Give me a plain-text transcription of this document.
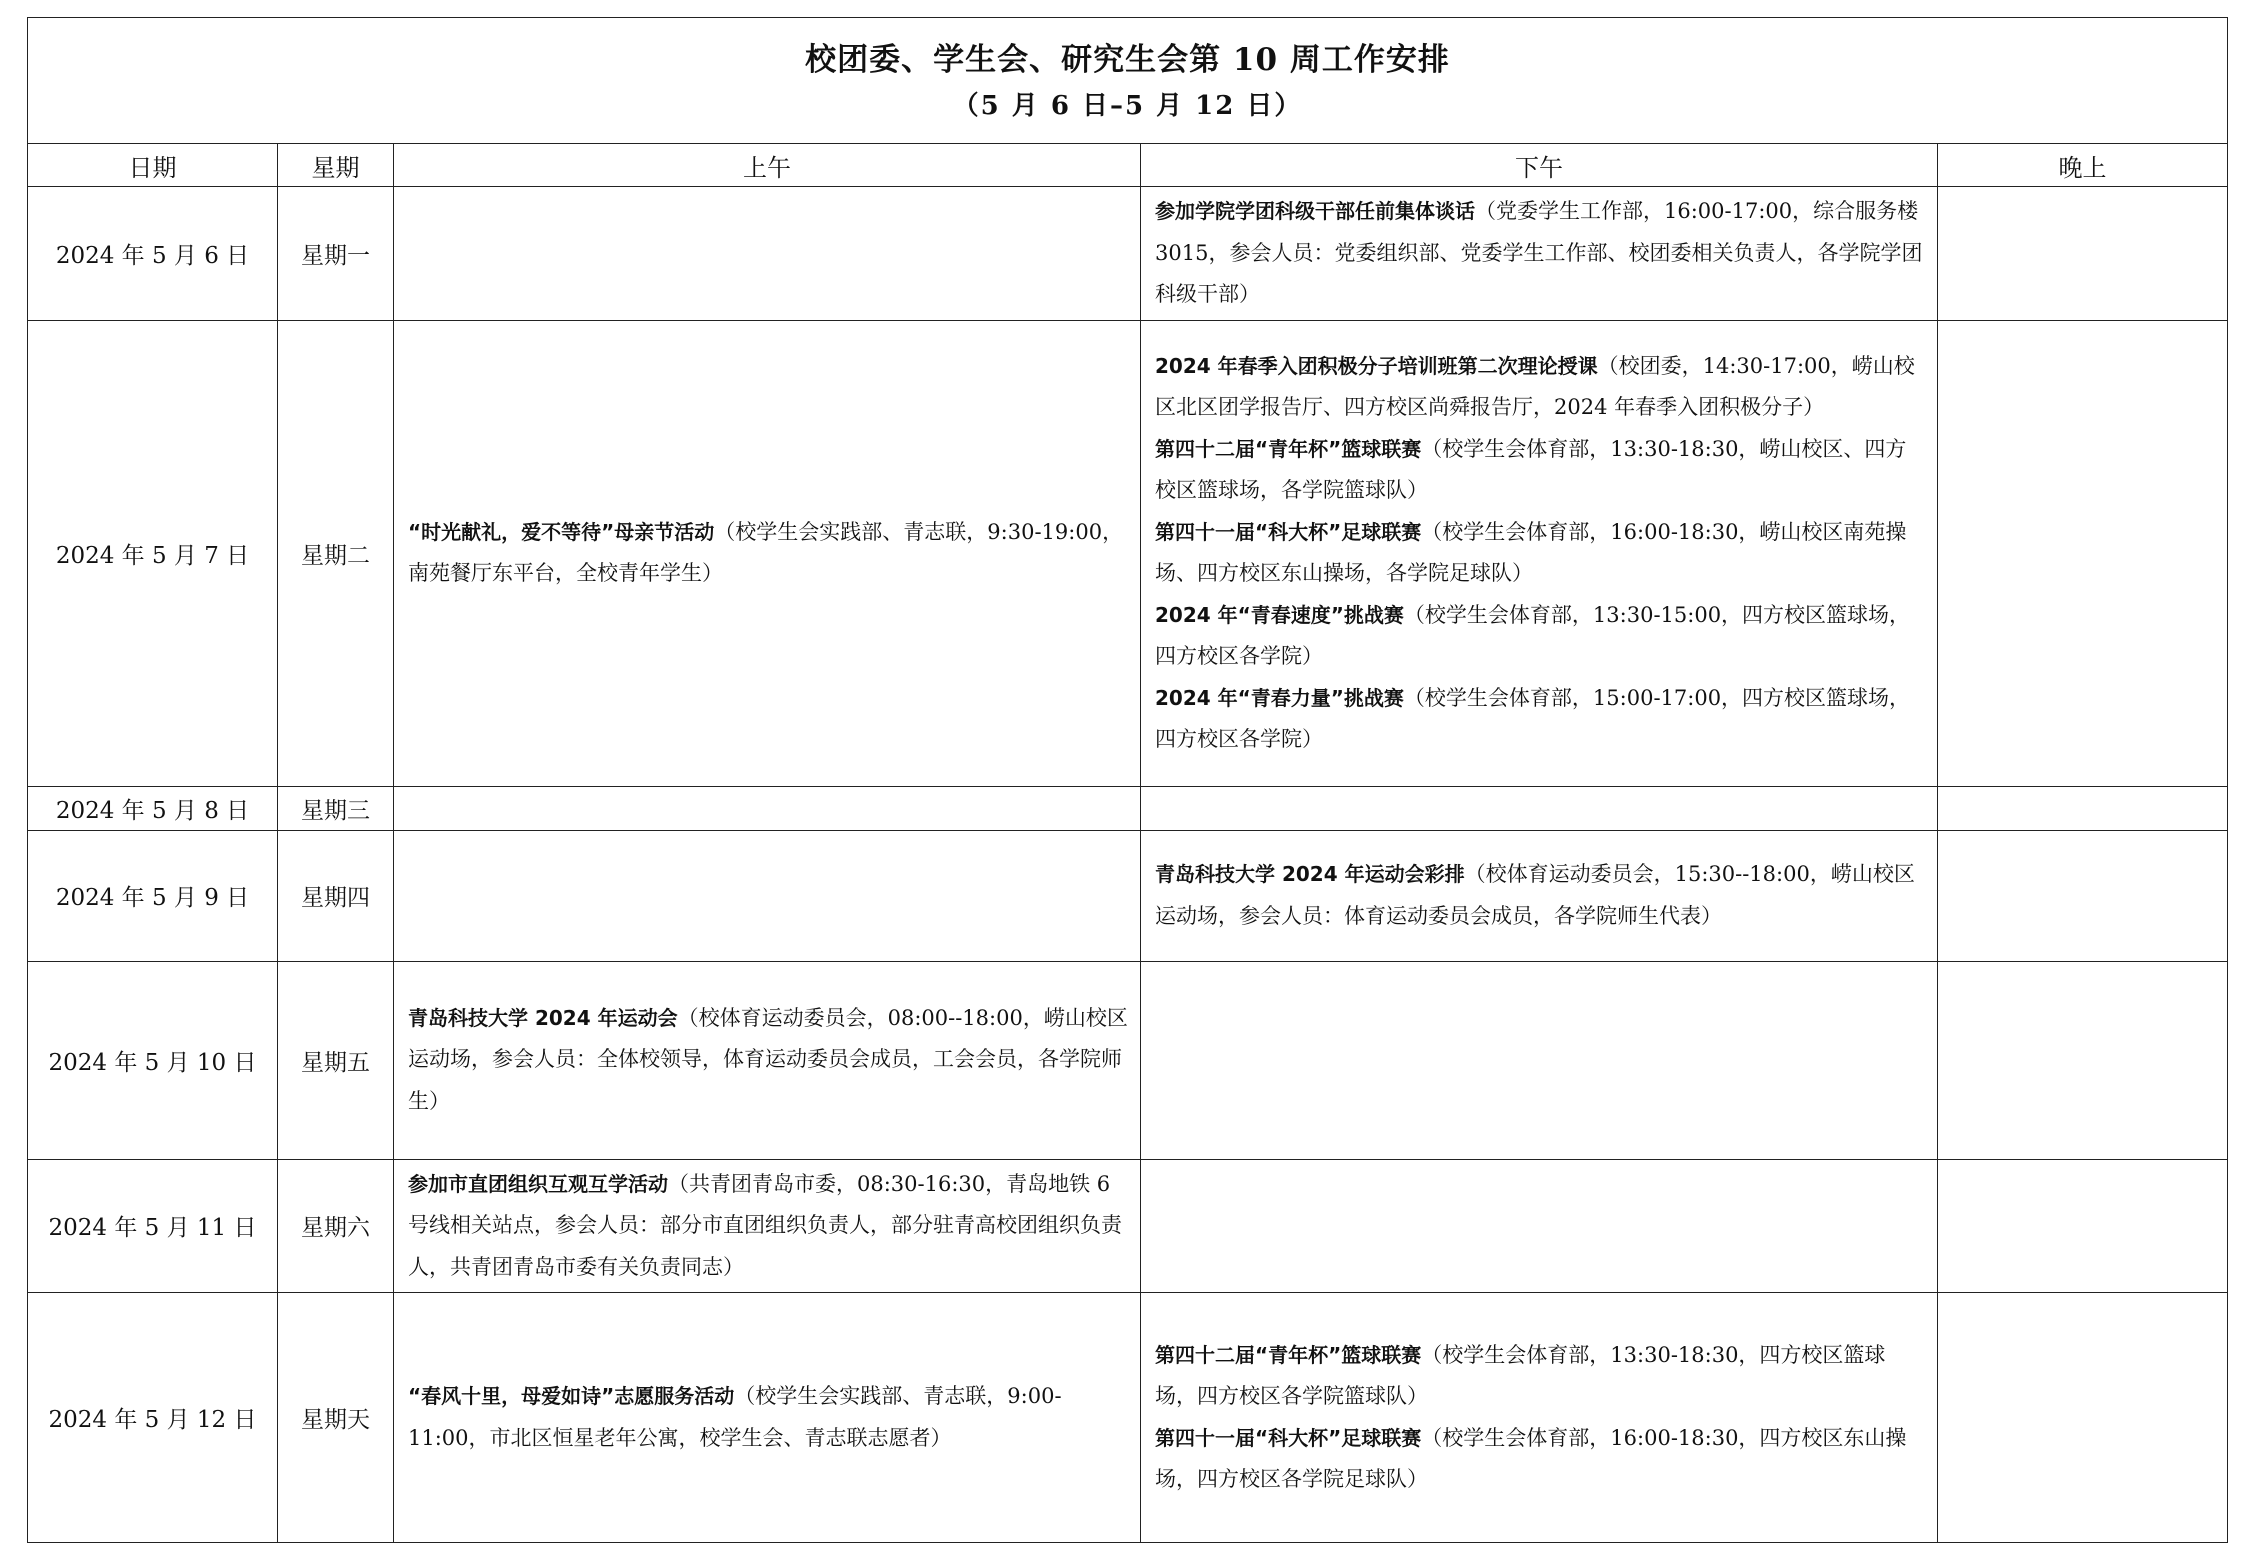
校团委、学生会、研究生会第 10 周工作安排
（5 月 6 日–5 月 12 日）				

日期	星期	上午	下午	晚上
2024 年 5 月 6 日	星期一		参加学院学团科级干部任前集体谈话（党委学生工作部，16:00-17:00，综合服务楼 3015，参会人员：党委组织部、党委学生工作部、校团委相关负责人，各学院学团科级干部）	

2024 年 5 月 7 日	星期二	“时光献礼，爱不等待”母亲节活动（校学生会实践部、青志联，9:30-19:00，南苑餐厅东平台，全校青年学生）	2024 年春季入团积极分子培训班第二次理论授课（校团委，14:30-17:00，崂山校区北区团学报告厅、四方校区尚舜报告厅，2024 年春季入团积极分子）
第四十二届“青年杯”篮球联赛（校学生会体育部，13:30-18:30，崂山校区、四方校区篮球场，各学院篮球队）
第四十一届“科大杯”足球联赛（校学生会体育部，16:00-18:30，崂山校区南苑操场、四方校区东山操场，各学院足球队）
2024 年“青春速度”挑战赛（校学生会体育部，13:30-15:00，四方校区篮球场，四方校区各学院）
2024 年“青春力量”挑战赛（校学生会体育部，15:00-17:00，四方校区篮球场，四方校区各学院）	

2024 年 5 月 8 日	星期三			
2024 年 5 月 9 日	星期四		青岛科技大学 2024 年运动会彩排（校体育运动委员会，15:30--18:00，崂山校区运动场，参会人员：体育运动委员会成员，各学院师生代表）	

2024 年 5 月 10 日	星期五	青岛科技大学 2024 年运动会（校体育运动委员会，08:00--18:00，崂山校区运动场，参会人员：全体校领导，体育运动委员会成员，工会会员，各学院师生）		

2024 年 5 月 11 日	星期六	参加市直团组织互观互学活动（共青团青岛市委，08:30-16:30，青岛地铁 6 号线相关站点，参会人员：部分市直团组织负责人，部分驻青高校团组织负责人，共青团青岛市委有关负责同志）		

2024 年 5 月 12 日	星期天	“春风十里，母爱如诗”志愿服务活动（校学生会实践部、青志联，9:00-11:00，市北区恒星老年公寓，校学生会、青志联志愿者）	第四十二届“青年杯”篮球联赛（校学生会体育部，13:30-18:30，四方校区篮球场，四方校区各学院篮球队）
第四十一届“科大杯”足球联赛（校学生会体育部，16:00-18:30，四方校区东山操场，四方校区各学院足球队）	
